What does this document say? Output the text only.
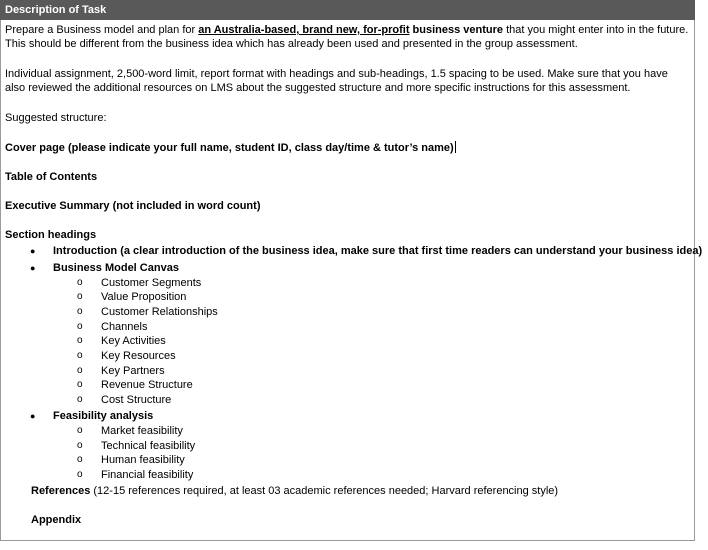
Description of Task
Prepare a Business model and plan for an Australia-based, brand new, for-profit business venture that you might enter into in the future.
This should be different from the business idea which has already been used and presented in the group assessment.
Individual assignment, 2,500-word limit, report format with headings and sub-headings, 1.5 spacing to be used. Make sure that you have
also reviewed the additional resources on LMS about the suggested structure and more specific instructions for this assessment.
Suggested structure:
Cover page (please indicate your full name, student ID, class day/time & tutor’s name)
Table of Contents
Executive Summary (not included in word count)
Section headings
● Introduction (a clear introduction of the business idea, make sure that first time readers can understand your business idea)
● Business Model Canvas
o Customer Segments
o Value Proposition
o Customer Relationships
o Channels
o Key Activities
o Key Resources
o Key Partners
o Revenue Structure
o Cost Structure
● Feasibility analysis
o Market feasibility
o Technical feasibility
o Human feasibility
o Financial feasibility
References (12-15 references required, at least 03 academic references needed; Harvard referencing style)
Appendix
